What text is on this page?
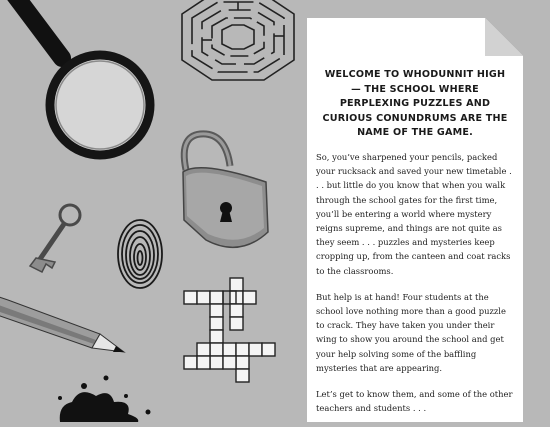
WELCOME TO WHODUNNIT HIGH — THE SCHOOL WHERE PERPLEXING PUZZLES AND CURIOUS CONUNDRUMS ARE THE NAME OF THE GAME.

So, you’ve sharpened your pencils, packed your rucksack and saved your new timetable . . . but little do you know that when you walk through the school gates for the first time, you’ll be entering a world where mystery reigns supreme, and things are not quite as they seem . . . puzzles and mysteries keep cropping up, from the canteen and coat racks to the classrooms.

But help is at hand! Four students at the school love nothing more than a good puzzle to crack. They have taken you under their wing to show you around the school and get your help solving some of the baffling mysteries that are appearing.

Let’s get to know them, and some of the other teachers and students . . .
